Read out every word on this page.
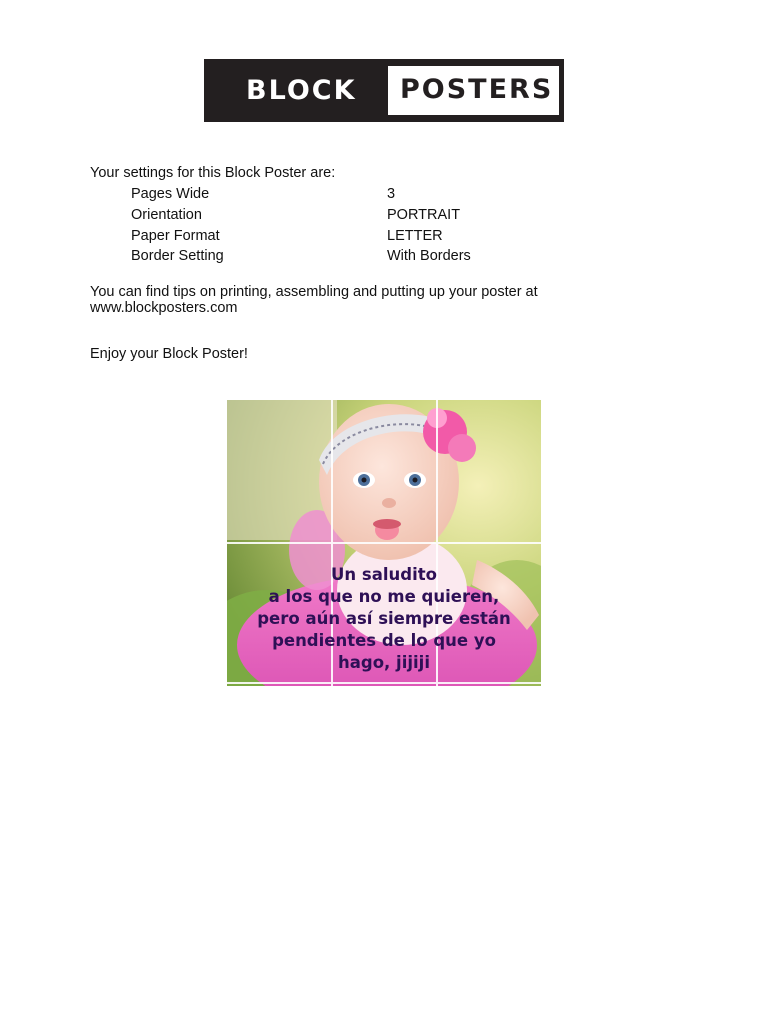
BLOCK POSTERS
Your settings for this Block Poster are:
Pages Wide	3
Orientation	PORTRAIT
Paper Format	LETTER
Border Setting	With Borders
You can find tips on printing, assembling and putting up your poster at www.blockposters.com
Enjoy your Block Poster!
Un saludito
a los que no me quieren,
pero aún así siempre están
pendientes de lo que yo
hago, jijiji
